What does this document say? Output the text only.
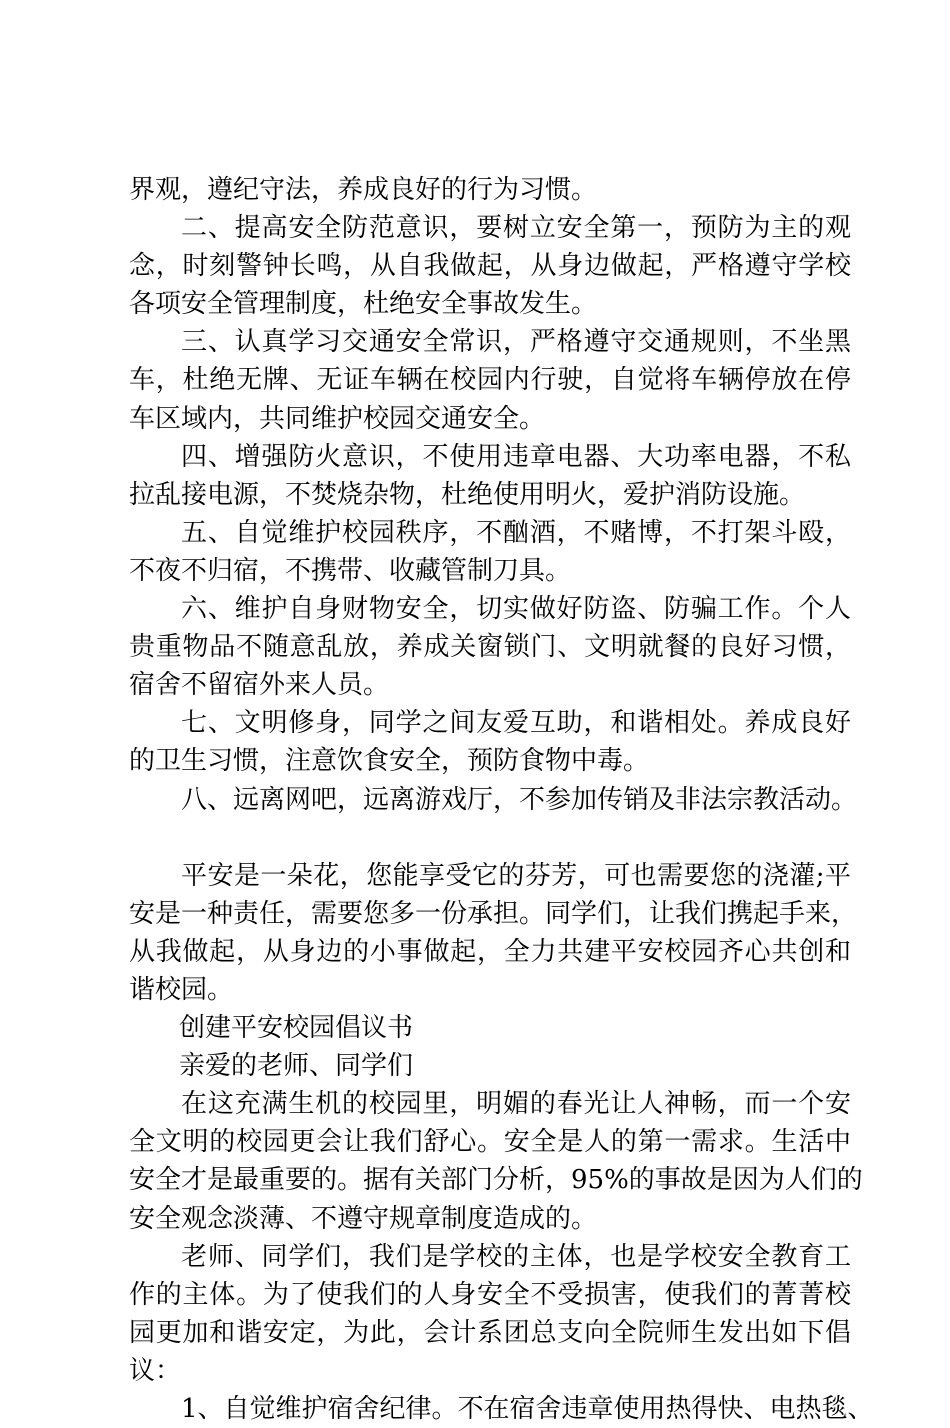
界观，遵纪守法，养成良好的行为习惯。
二、提高安全防范意识，要树立安全第一，预防为主的观
念，时刻警钟长鸣，从自我做起，从身边做起，严格遵守学校
各项安全管理制度，杜绝安全事故发生。
三、认真学习交通安全常识，严格遵守交通规则，不坐黑
车，杜绝无牌、无证车辆在校园内行驶，自觉将车辆停放在停
车区域内，共同维护校园交通安全。
四、增强防火意识，不使用违章电器、大功率电器，不私
拉乱接电源，不焚烧杂物，杜绝使用明火，爱护消防设施。
五、自觉维护校园秩序，不酗酒，不赌博，不打架斗殴，
不夜不归宿，不携带、收藏管制刀具。
六、维护自身财物安全，切实做好防盗、防骗工作。个人
贵重物品不随意乱放，养成关窗锁门、文明就餐的良好习惯，
宿舍不留宿外来人员。
七、文明修身，同学之间友爱互助，和谐相处。养成良好
的卫生习惯，注意饮食安全，预防食物中毒。
八、远离网吧，远离游戏厅，不参加传销及非法宗教活动。
平安是一朵花，您能享受它的芬芳，可也需要您的浇灌;平
安是一种责任，需要您多一份承担。同学们，让我们携起手来，
从我做起，从身边的小事做起，全力共建平安校园齐心共创和
谐校园。
创建平安校园倡议书
亲爱的老师、同学们
在这充满生机的校园里，明媚的春光让人神畅，而一个安
全文明的校园更会让我们舒心。安全是人的第一需求。生活中
安全才是最重要的。据有关部门分析，95%的事故是因为人们的
安全观念淡薄、不遵守规章制度造成的。
老师、同学们，我们是学校的主体，也是学校安全教育工
作的主体。为了使我们的人身安全不受损害，使我们的菁菁校
园更加和谐安定，为此，会计系团总支向全院师生发出如下倡
议：
1、自觉维护宿舍纪律。不在宿舍违章使用热得快、电热毯、
